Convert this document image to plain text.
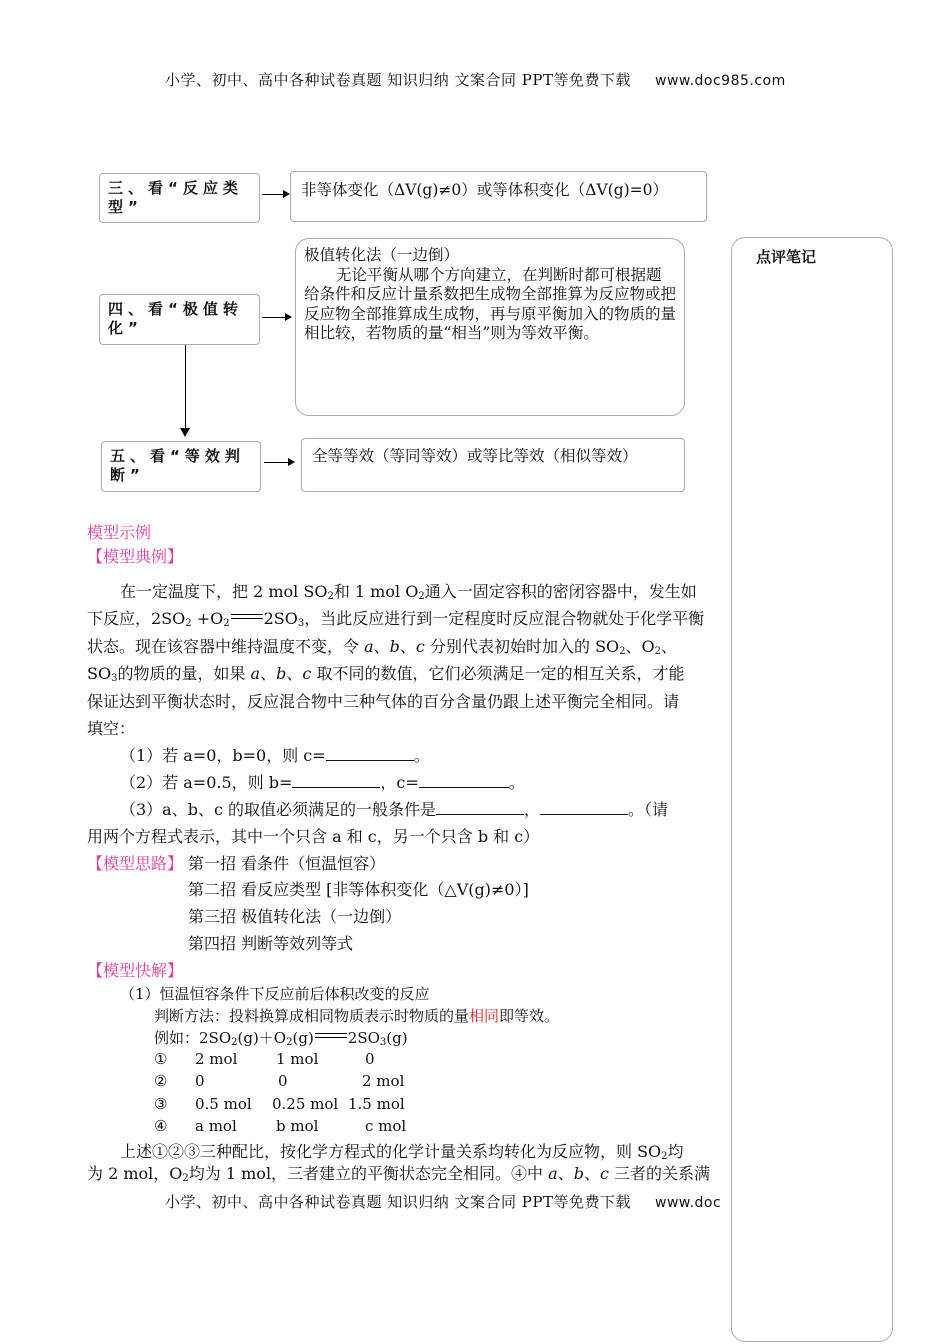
小学、初中、高中各种试卷真题 知识归纳 文案合同 PPT等免费下载 www.doc985.com
点评笔记
三、看“反应类型”
非等体变化（ΔV(g)≠0）或等体积变化（ΔV(g)=0）
四、看“极值转化”
极值转化法（一边倒）
无论平衡从哪个方向建立，在判断时都可根据题给条件和反应计量系数把生成物全部推算为反应物或把反应物全部推算成生成物，再与原平衡加入的物质的量相比较，若物质的量“相当”则为等效平衡。
五、看“等效判断”
全等等效（等同等效）或等比等效（相似等效）
模型示例
【模型典例】
在一定温度下，把 2 mol $SO_2$和 1 mol $O_2$通入一固定容积的密闭容器中，发生如
下反应，$2SO_2 +O_2$ $2SO_3$，当此反应进行到一定程度时反应混合物就处于化学平衡
状态。现在该容器中维持温度不变，令 a、b、c 分别代表初始时加入的 $SO_2$、$O_2$、
$SO_3$的物质的量，如果 a、b、c 取不同的数值，它们必须满足一定的相互关系，才能
保证达到平衡状态时，反应混合物中三种气体的百分含量仍跟上述平衡完全相同。请
填空：
（1）若 a=0，b=0，则 c=	。
（2）若 a=0.5，则 b=	，c=	。
（3）a、b、c 的取值必须满足的一般条件是	，	。（请
用两个方程式表示，其中一个只含 a 和 c，另一个只含 b 和 c）
【模型思路】 第一招 看条件（恒温恒容）
第二招 看反应类型 [非等体积变化（△V(g)≠0）]
第三招 极值转化法（一边倒）
第四招 判断等效列等式
【模型快解】
（1）恒温恒容条件下反应前后体积改变的反应
判断方法：投料换算成相同物质表示时物质的量相同即等效。
例如：$2SO_2(g)+O_2(g)$ $2SO_3(g)$
① 2 mol	1 mol	0
② 0	0	2 mol
③ 0.5 mol 0.25 mol 1.5 mol
④ a mol	b mol	c mol
上述①②③三种配比，按化学方程式的化学计量关系均转化为反应物，则 $SO_2$均
为 2 mol，$O_2$均为 1 mol，三者建立的平衡状态完全相同。④中 a、b、c 三者的关系满
小学、初中、高中各种试卷真题 知识归纳 文案合同 PPT等免费下载 www.doc
